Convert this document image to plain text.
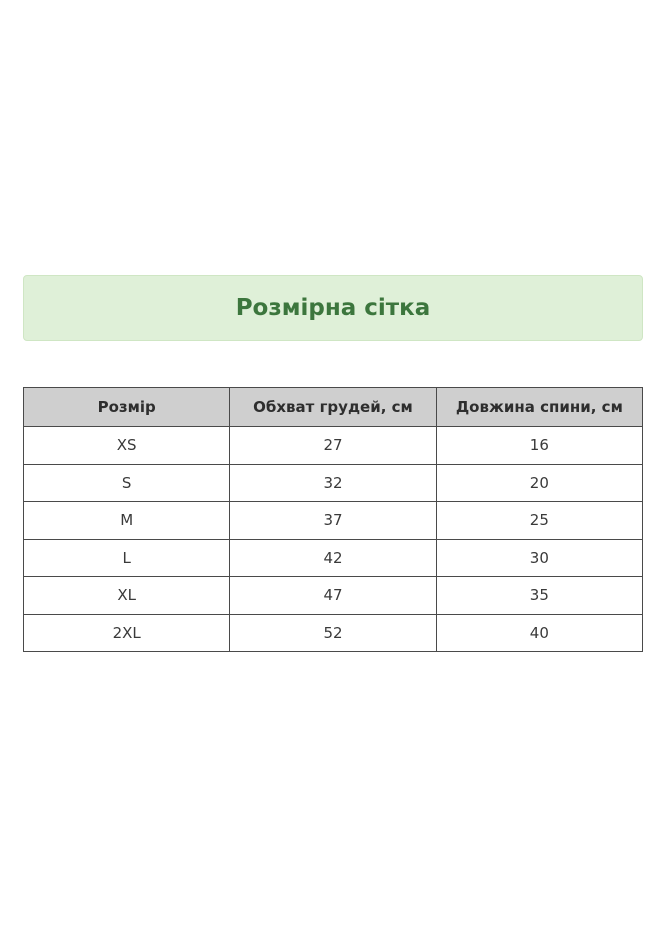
Розмірна сітка
Розмір	Обхват грудей, см	Довжина спини, см
XS	27	16
S	32	20
M	37	25
L	42	30
XL	47	35
2XL	52	40
